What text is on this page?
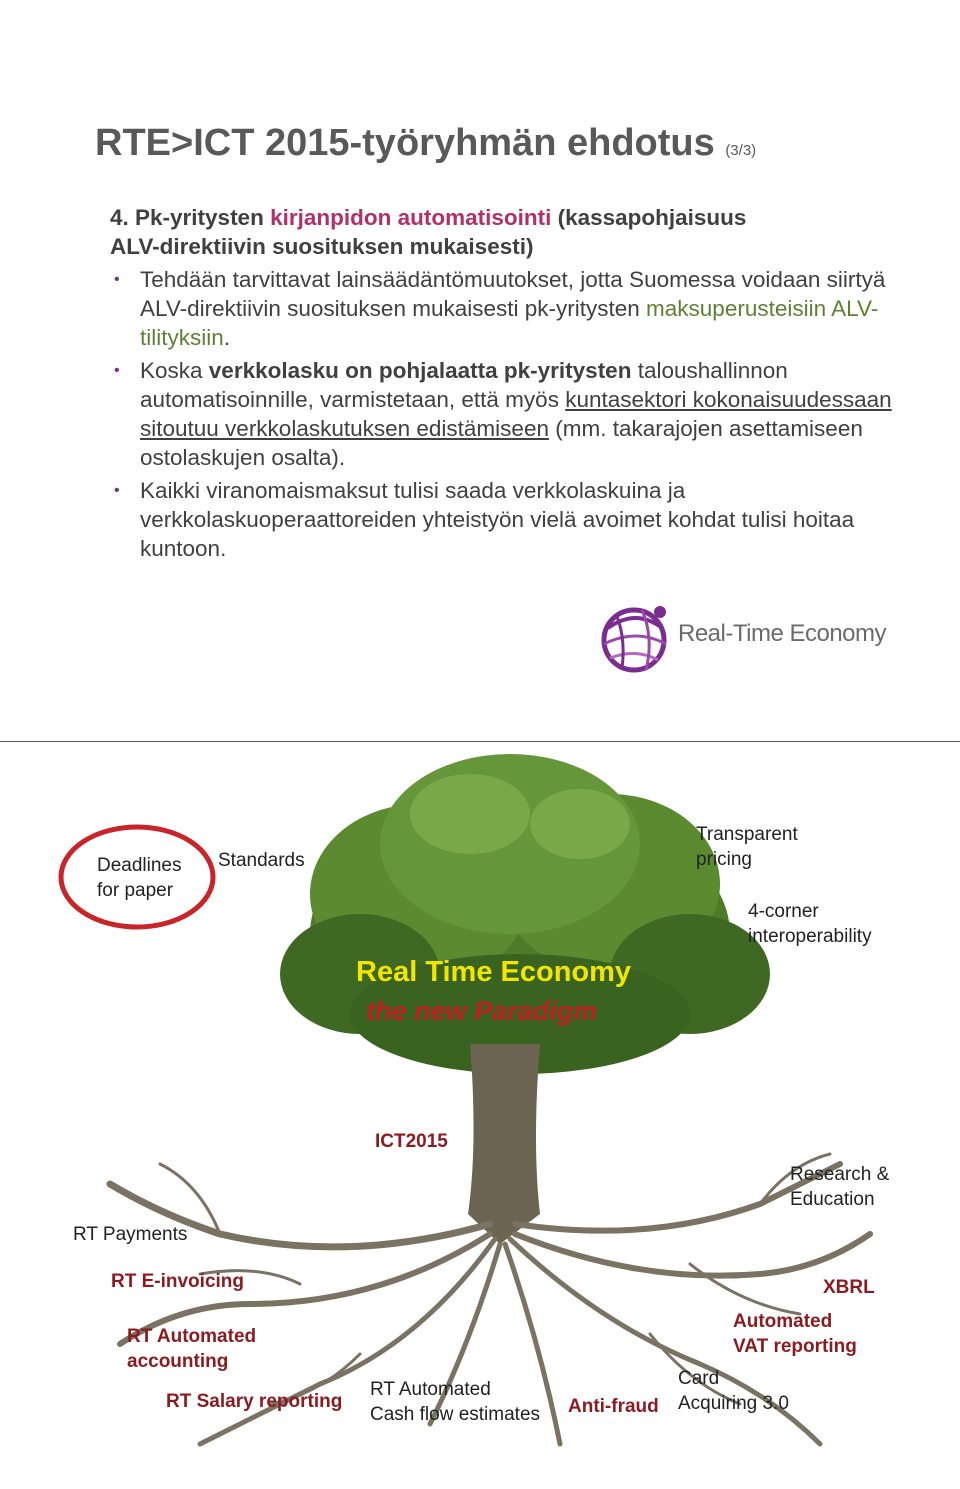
RTE>ICT 2015-työryhmän ehdotus (3/3)
4. Pk-yritysten kirjanpidon automatisointi (kassapohjaisuus
ALV-direktiivin suosituksen mukaisesti)
• Tehdään tarvittavat lainsäädäntömuutokset, jotta Suomessa voidaan siirtyä ALV-direktiivin suosituksen mukaisesti pk-yritysten maksuperusteisiin ALV-tilityksiin.
• Koska verkkolasku on pohjalaatta pk-yritysten taloushallinnon automatisoinnille, varmistetaan, että myös kuntasektori kokonaisuudessaan sitoutuu verkkolaskutuksen edistämiseen (mm. takarajojen asettamiseen ostolaskujen osalta).
• Kaikki viranomaismaksut tulisi saada verkkolaskuina ja verkkolaskuoperaattoreiden yhteistyön vielä avoimet kohdat tulisi hoitaa kuntoon.
Real-Time Economy
Deadlines
for paper
Standards
Transparent
pricing
4-corner
interoperability
Real Time Economy
the new Paradigm
ICT2015
Research &
Education
RT Payments
RT E-invoicing	XBRL
RT Automated
accounting
Automated
VAT reporting
Card
Acquiring 3.0
RT Automated
Cash flow estimates Anti-fraud
RT Salary reporting
